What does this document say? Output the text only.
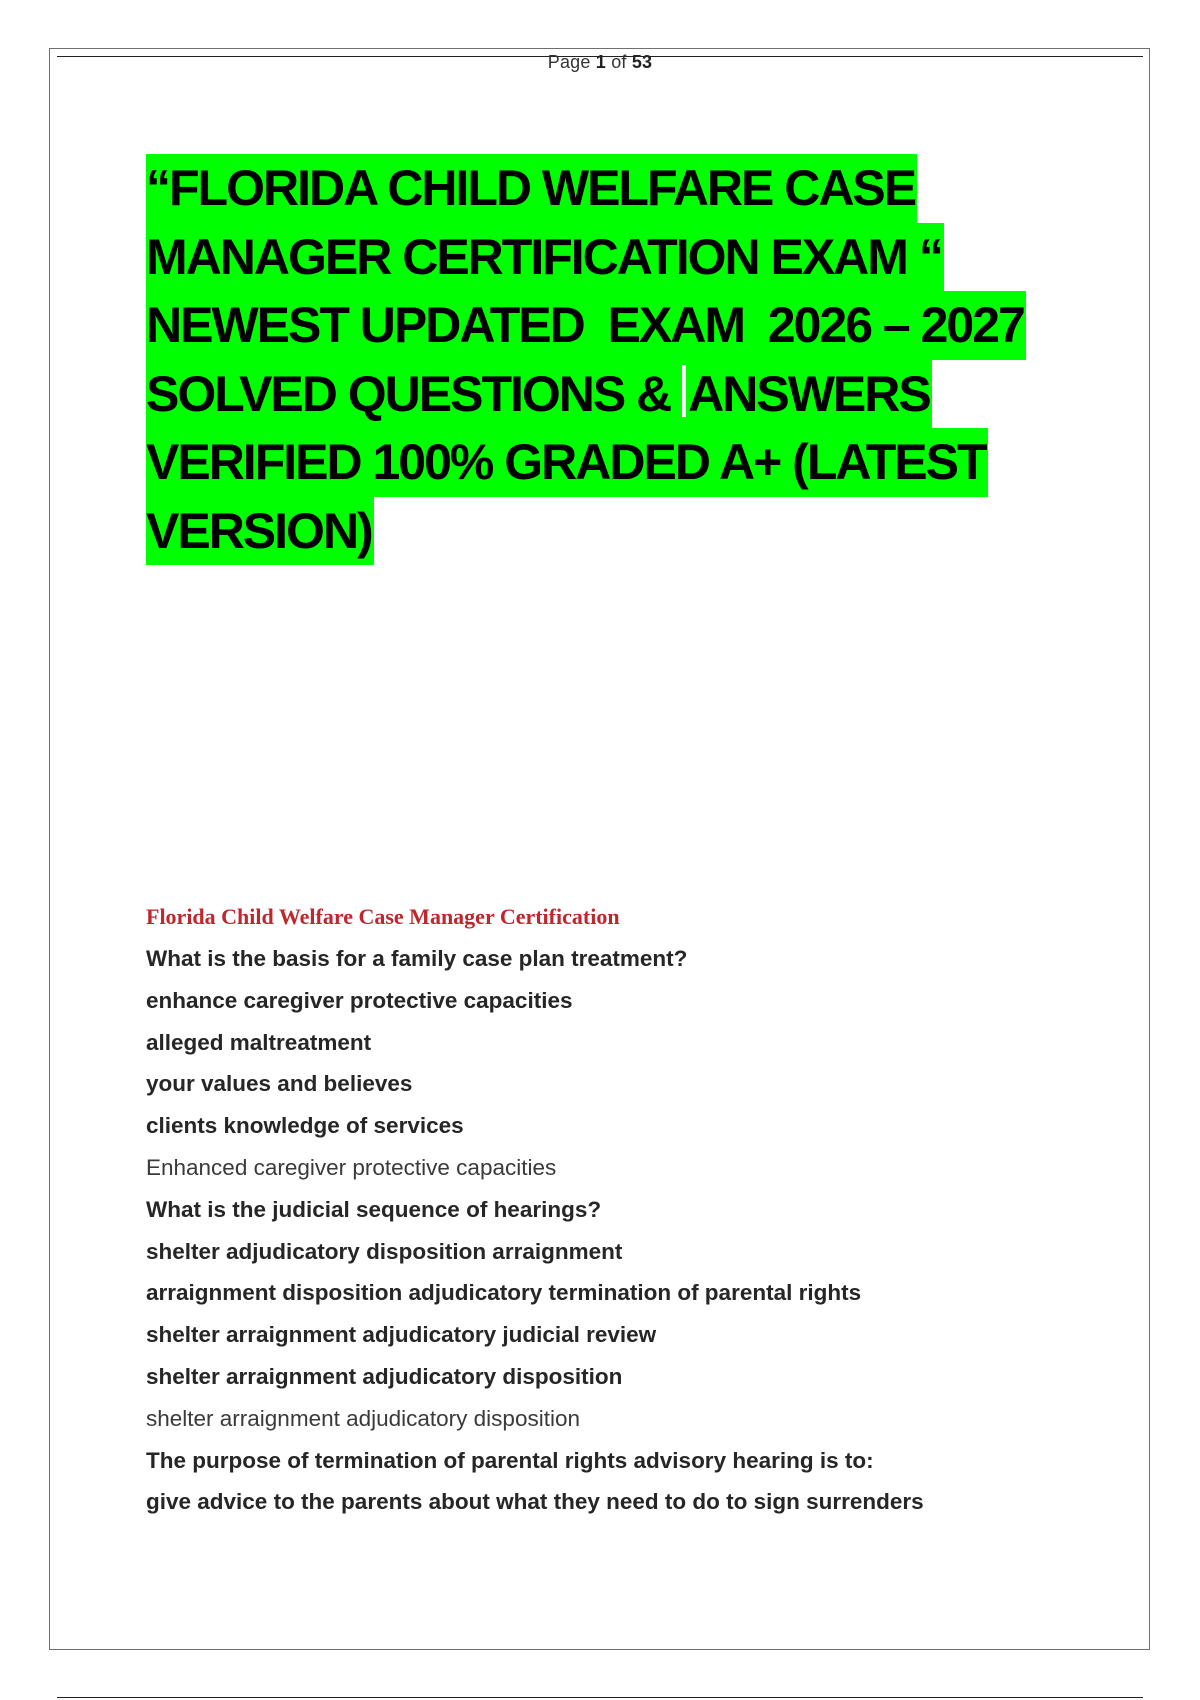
Page 1 of 53
“FLORIDA CHILD WELFARE CASE
MANAGER CERTIFICATION EXAM “
NEWEST UPDATED  EXAM  2026 – 2027
SOLVED QUESTIONS & ANSWERS
VERIFIED 100% GRADED A+ (LATEST
VERSION)
Florida Child Welfare Case Manager Certification
What is the basis for a family case plan treatment?
enhance caregiver protective capacities
alleged maltreatment
your values and believes
clients knowledge of services
Enhanced caregiver protective capacities
What is the judicial sequence of hearings?
shelter adjudicatory disposition arraignment
arraignment disposition adjudicatory termination of parental rights
shelter arraignment adjudicatory judicial review
shelter arraignment adjudicatory disposition
shelter arraignment adjudicatory disposition
The purpose of termination of parental rights advisory hearing is to:
give advice to the parents about what they need to do to sign surrenders
